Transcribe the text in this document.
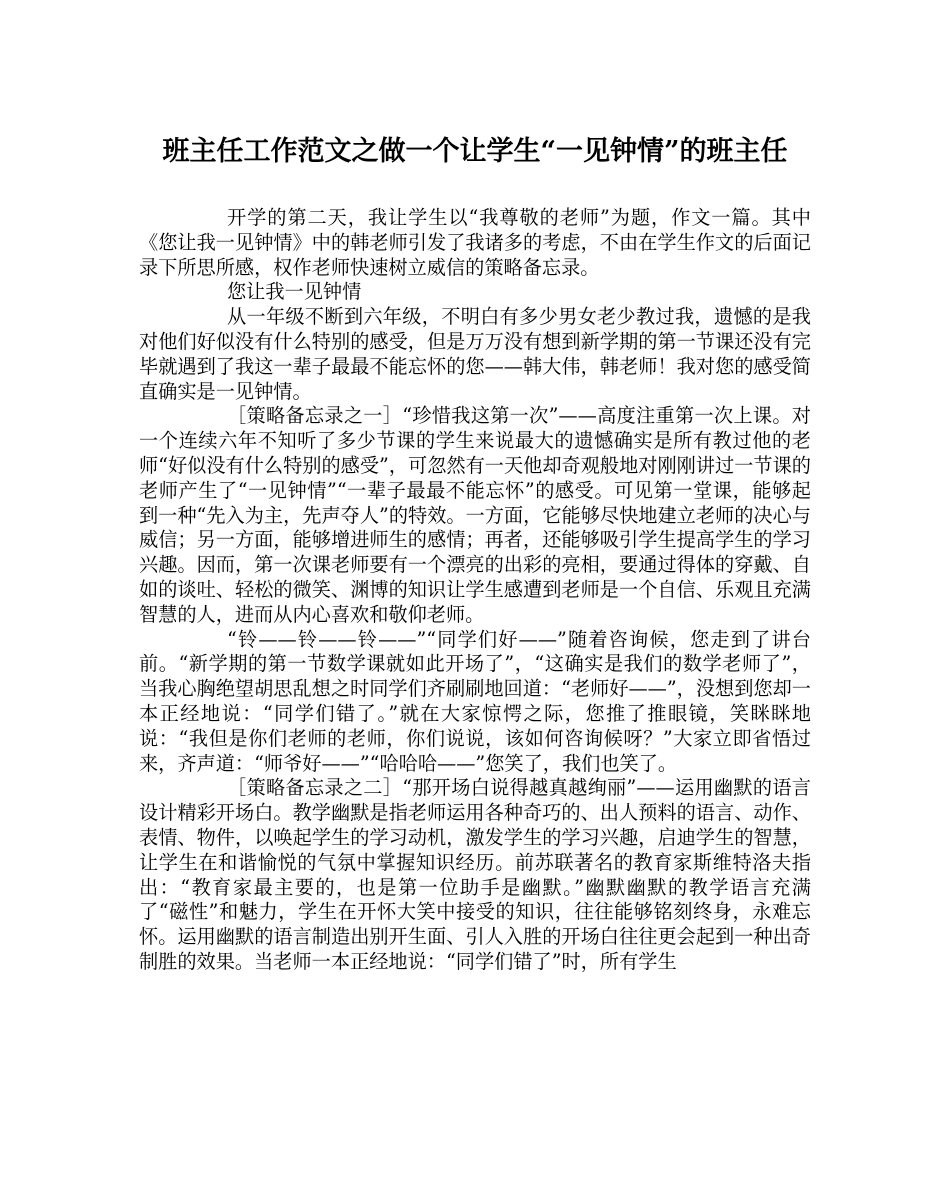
班主任工作范文之做一个让学生“一见钟情”的班主任

开学的第二天，我让学生以“我尊敬的老师”为题，作文一篇。其中《您让我一见钟情》中的韩老师引发了我诸多的考虑，不由在学生作文的后面记录下所思所感，权作老师快速树立威信的策略备忘录。

您让我一见钟情

从一年级不断到六年级，不明白有多少男女老少教过我，遗憾的是我对他们好似没有什么特别的感受，但是万万没有想到新学期的第一节课还没有完毕就遇到了我这一辈子最最不能忘怀的您——韩大伟，韩老师！我对您的感受简直确实是一见钟情。

［策略备忘录之一］“珍惜我这第一次”——高度注重第一次上课。对一个连续六年不知听了多少节课的学生来说最大的遗憾确实是所有教过他的老师“好似没有什么特别的感受”，可忽然有一天他却奇观般地对刚刚讲过一节课的老师产生了“一见钟情”“一辈子最最不能忘怀”的感受。可见第一堂课，能够起到一种“先入为主，先声夺人”的特效。一方面，它能够尽快地建立老师的决心与威信；另一方面，能够增进师生的感情；再者，还能够吸引学生提高学生的学习兴趣。因而，第一次课老师要有一个漂亮的出彩的亮相，要通过得体的穿戴、自如的谈吐、轻松的微笑、渊博的知识让学生感遭到老师是一个自信、乐观且充满智慧的人，进而从内心喜欢和敬仰老师。

“铃——铃——铃——”“同学们好——”随着咨询候，您走到了讲台前。“新学期的第一节数学课就如此开场了”，“这确实是我们的数学老师了”，当我心胸绝望胡思乱想之时同学们齐刷刷地回道：“老师好——”，没想到您却一本正经地说：“同学们错了。”就在大家惊愕之际，您推了推眼镜，笑眯眯地说：“我但是你们老师的老师，你们说说，该如何咨询候呀？”大家立即省悟过来，齐声道：“师爷好——”“哈哈哈——”您笑了，我们也笑了。

［策略备忘录之二］“那开场白说得越真越绚丽”——运用幽默的语言设计精彩开场白。教学幽默是指老师运用各种奇巧的、出人预料的语言、动作、表情、物件，以唤起学生的学习动机，激发学生的学习兴趣，启迪学生的智慧，让学生在和谐愉悦的气氛中掌握知识经历。前苏联著名的教育家斯维特洛夫指出：“教育家最主要的，也是第一位助手是幽默。”幽默幽默的教学语言充满了“磁性”和魅力，学生在开怀大笑中接受的知识，往往能够铭刻终身，永难忘怀。运用幽默的语言制造出别开生面、引人入胜的开场白往往更会起到一种出奇制胜的效果。当老师一本正经地说：“同学们错了”时，所有学生
